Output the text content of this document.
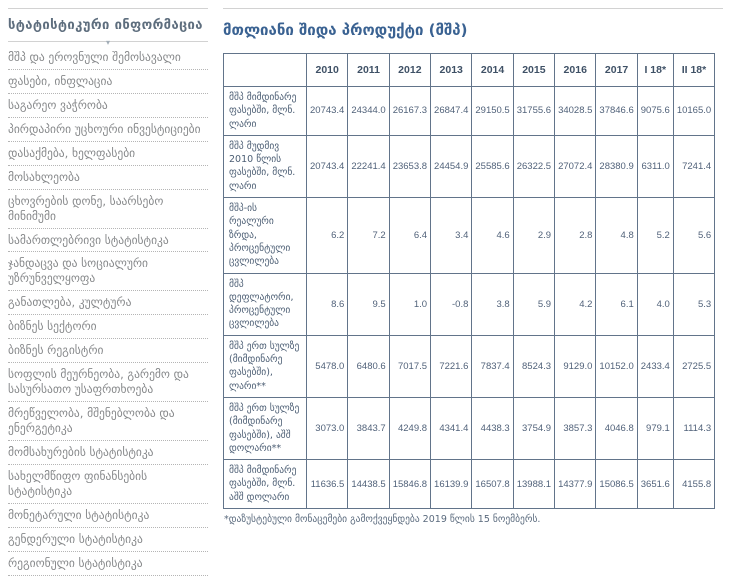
სტატისტიკური ინფორმაცია
▾
მშპ და ეროვნული შემოსავალი
ფასები, ინფლაცია
საგარეო ვაჭრობა
პირდაპირი უცხოური ინვესტიციები
დასაქმება, ხელფასები
მოსახლეობა
ცხოვრების დონე, საარსებო მინიმუმი
სამართლებრივი სტატისტიკა
ჯანდაცვა და სოციალური უზრუნველყოფა
განათლება, კულტურა
ბიზნეს სექტორი
ბიზნეს რეგისტრი
სოფლის მეურნეობა, გარემო და სასურსათო უსაფრთხოება
მრეწველობა, მშენებლობა და ენერგეტიკა
მომსახურების სტატისტიკა
სახელმწიფო ფინანსების სტატისტიკა
მონეტარული სტატისტიკა
გენდერული სტატისტიკა
რეგიონული სტატისტიკა
მთლიანი შიდა პროდუქტი (მშპ)
	2010	2011	2012	2013	2014	2015	2016	2017	I 18*	II 18*
მშპ მიმდინარე ფასებში, მლნ. ლარი	20743.4	24344.0	26167.3	26847.4	29150.5	31755.6	34028.5	37846.6	9075.6	10165.0
მშპ მუდმივ 2010 წლის ფასებში, მლნ. ლარი	20743.4	22241.4	23653.8	24454.9	25585.6	26322.5	27072.4	28380.9	6311.0	7241.4
მშპ-ის რეალური ზრდა, პროცენტული ცვლილება	6.2	7.2	6.4	3.4	4.6	2.9	2.8	4.8	5.2	5.6
მშპ დეფლატორი, პროცენტული ცვლილება	8.6	9.5	1.0	-0.8	3.8	5.9	4.2	6.1	4.0	5.3
მშპ ერთ სულზე (მიმდინარე ფასებში), ლარი**	5478.0	6480.6	7017.5	7221.6	7837.4	8524.3	9129.0	10152.0	2433.4	2725.5
მშპ ერთ სულზე (მიმდინარე ფასებში), აშშ დოლარი**	3073.0	3843.7	4249.8	4341.4	4438.3	3754.9	3857.3	4046.8	979.1	1114.3
მშპ მიმდინარე ფასებში, მლნ. აშშ დოლარი	11636.5	14438.5	15846.8	16139.9	16507.8	13988.1	14377.9	15086.5	3651.6	4155.8

*დაზუსტებული მონაცემები გამოქვეყნდება 2019 წლის 15 ნოემბერს.
